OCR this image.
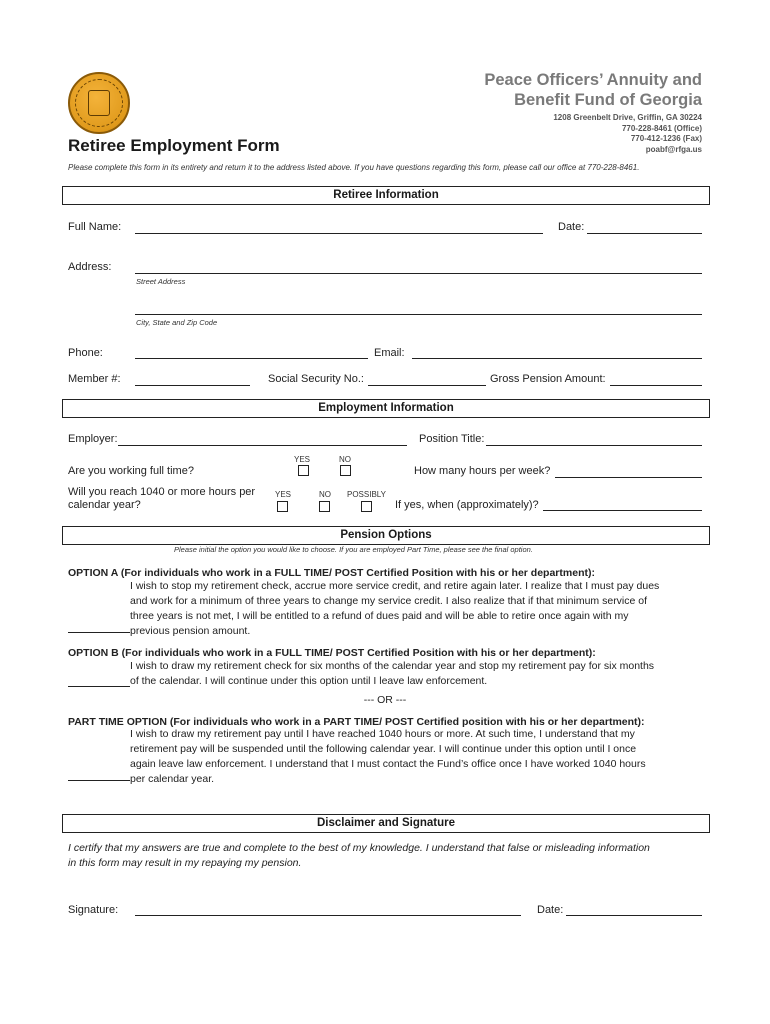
Peace Officers’ Annuity and
Benefit Fund of Georgia
1208 Greenbelt Drive, Griffin, GA 30224
770-228-8461 (Office)
770-412-1236 (Fax)
poabf@rfga.us
Retiree Employment Form
Please complete this form in its entirety and return it to the address listed above. If you have questions regarding this form, please call our office at 770-228-8461.
Retiree Information
Full Name:	Date:
Address:
Street Address
City, State and Zip Code
Phone:	Email:
Member #:	Social Security No.:	Gross Pension Amount:
Employment Information
Employer:	Position Title:
YES	NO
Are you working full time?	How many hours per week?
Will you reach 1040 or more hours per
calendar year?
YES	NO POSSIBLY
If yes, when (approximately)?
Pension Options
Please initial the option you would like to choose. If you are employed Part Time, please see the final option.
OPTION A (For individuals who work in a FULL TIME/ POST Certified Position with his or her department):
I wish to stop my retirement check, accrue more service credit, and retire again later. I realize that I must pay dues
and work for a minimum of three years to change my service credit. I also realize that if that minimum service of
three years is not met, I will be entitled to a refund of dues paid and will be able to retire once again with my
previous pension amount.
OPTION B (For individuals who work in a FULL TIME/ POST Certified Position with his or her department):
I wish to draw my retirement check for six months of the calendar year and stop my retirement pay for six months
of the calendar. I will continue under this option until I leave law enforcement.
--- OR ---
PART TIME OPTION (For individuals who work in a PART TIME/ POST Certified position with his or her department):
I wish to draw my retirement pay until I have reached 1040 hours or more. At such time, I understand that my
retirement pay will be suspended until the following calendar year. I will continue under this option until I once
again leave law enforcement. I understand that I must contact the Fund’s office once I have worked 1040 hours
per calendar year.
Disclaimer and Signature
I certify that my answers are true and complete to the best of my knowledge. I understand that false or misleading information
in this form may result in my repaying my pension.
Signature:	Date:
